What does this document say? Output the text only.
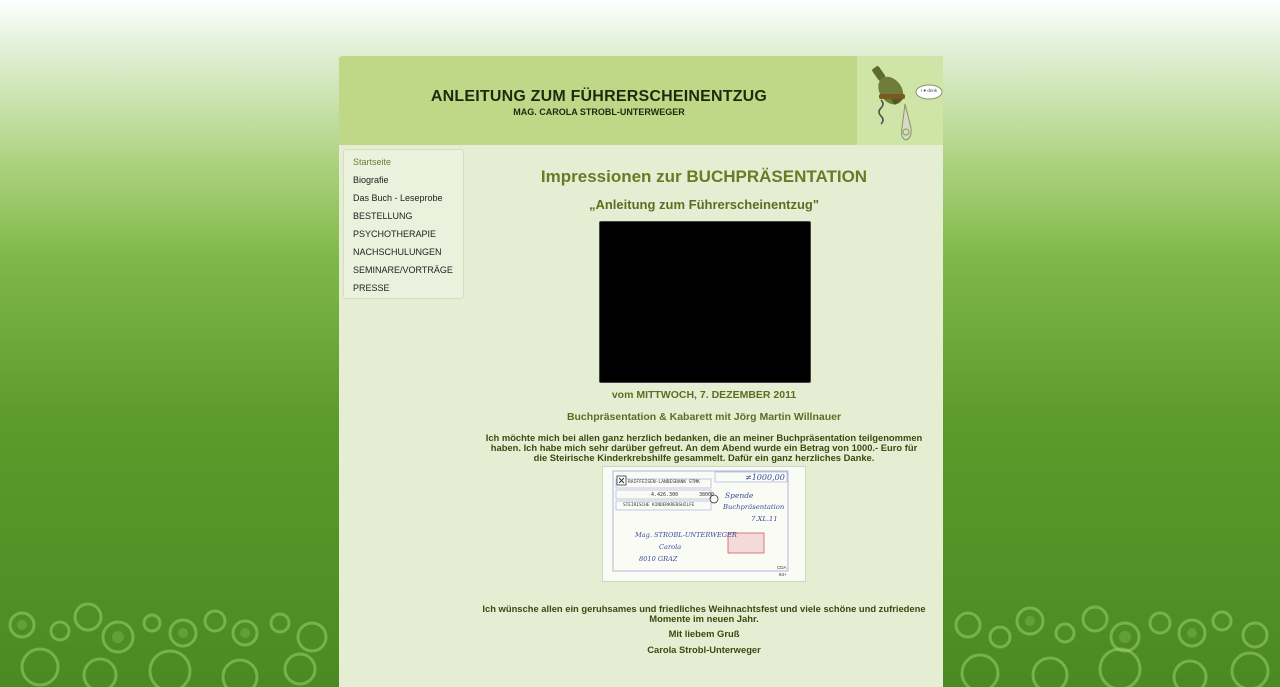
ANLEITUNG ZUM FÜHRERSCHEINENTZUG
MAG. CAROLA STROBL-UNTERWEGER
I ♥ drink
Startseite
Biografie
Das Buch - Leseprobe
BESTELLUNG
PSYCHOTHERAPIE
NACHSCHULUNGEN
SEMINARE/VORTRÄGE
PRESSE
Impressionen zur BUCHPRÄSENTATION
„Anleitung zum Führerscheinentzug"
vom MITTWOCH, 7. DEZEMBER 2011
Buchpräsentation & Kabarett mit Jörg Martin Willnauer
Ich möchte mich bei allen ganz herzlich bedanken, die an meiner Buchpräsentation teilgenommen
haben. Ich habe mich sehr darüber gefreut. An dem Abend wurde ein Betrag von 1000.- Euro für
die Steirische Kinderkrebshilfe gesammelt. Dafür ein ganz herzliches Danke.
RAIFFEISEN-LANDESBANK STMK
4.426.300	38000
STEIRISCHE KINDERKREBSHILFE
≠1000,00
Spende
Buchpräsentation
7.XL.11
Mag. STROBL-UNTERWEGER
Carola
8010 GRAZ
CDA
84+
Ich wünsche allen ein geruhsames und friedliches Weihnachtsfest und viele schöne und zufriedene
Momente im neuen Jahr.
Mit liebem Gruß
Carola Strobl-Unterweger
